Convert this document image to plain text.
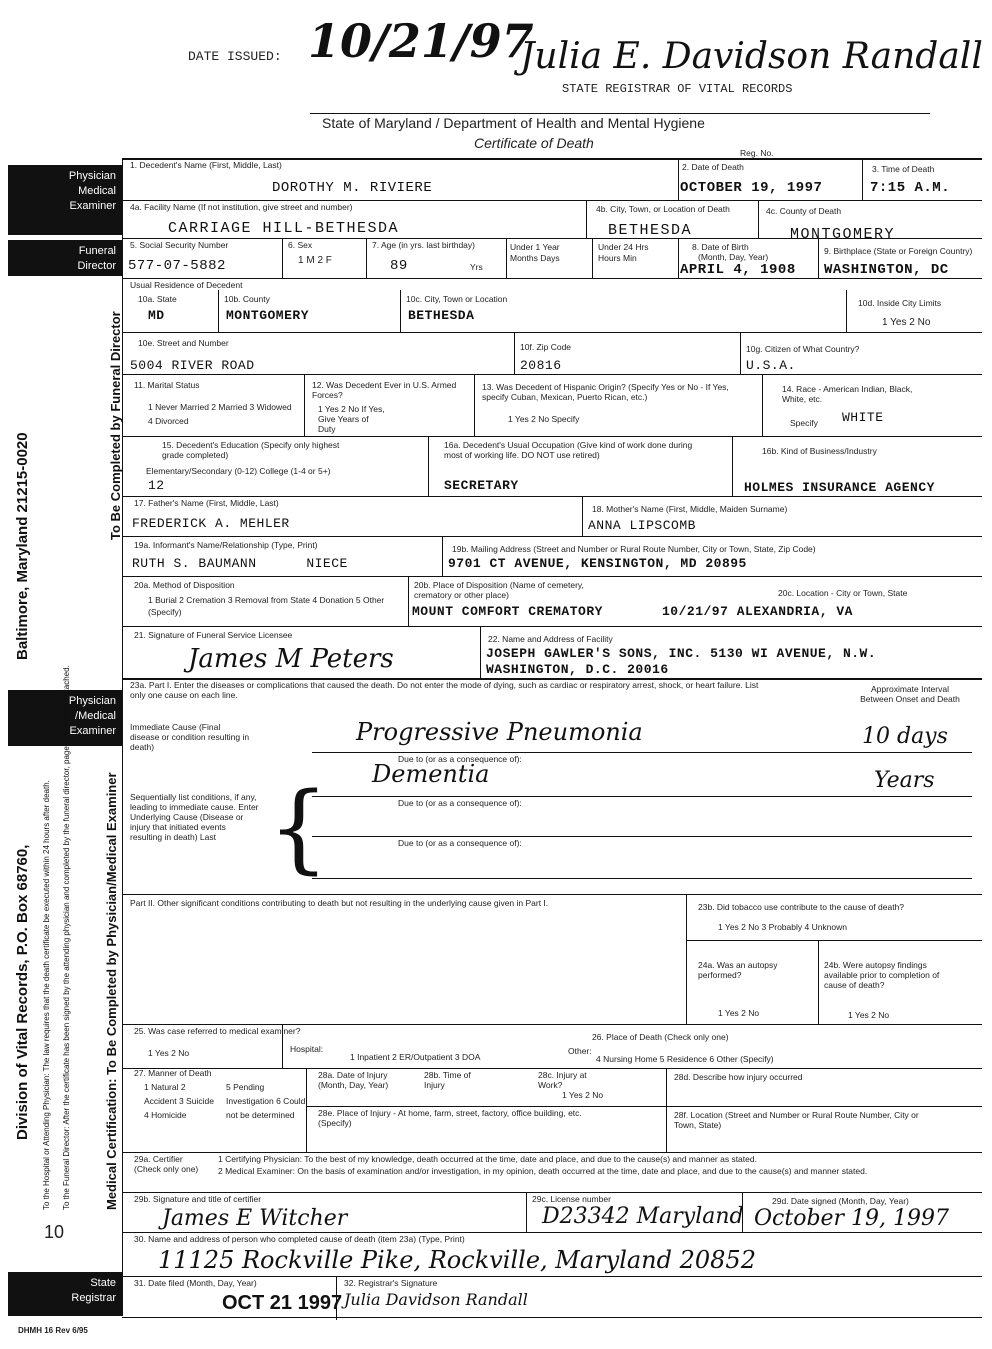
DATE ISSUED: 10/21/97
Julia E. Davidson Randall
STATE REGISTRAR OF VITAL RECORDS
State of Maryland / Department of Health and Mental Hygiene
Certificate of Death
Reg. No.
Physician Medical Examiner
Funeral Director
Physician /Medical Examiner
State Registrar
To Be Completed by Funeral Director
Medical Certification: To Be Completed by Physician/Medical Examiner
Division of Vital Records, P.O. Box 68760,
Baltimore, Maryland 21215-0020
To the Hospital or Attending Physician: The law requires that the death certificate be executed within 24 hours after death. To the Funeral Director: After the certificate has been signed by the attending physician and completed by the funeral director, page 2 should be detached.
10
DHMH 16 Rev 6/95
1. Decedent's Name (First, Middle, Last)
DOROTHY M. RIVIERE
2. Date of Death
OCTOBER 19, 1997
3. Time of Death
7:15 A.M.
4a. Facility Name (If not institution, give street and number)
CARRIAGE HILL-BETHESDA
4b. City, Town, or Location of Death
BETHESDA
4c. County of Death
MONTGOMERY
5. Social Security Number
577-07-5882
6. Sex
1 M 2 F
7. Age (in yrs. last birthday)
89	Yrs
Under 1 Year
Months Days
Under 24 Hrs
Hours Min
8. Date of Birth
(Month, Day, Year)
APRIL 4, 1908
9. Birthplace (State or Foreign Country)
WASHINGTON, DC
Usual Residence of Decedent
10a. State
MD
10b. County
MONTGOMERY
10c. City, Town or Location
BETHESDA
10d. Inside City Limits
1 Yes 2 No
10e. Street and Number
5004 RIVER ROAD
10f. Zip Code
20816
10g. Citizen of What Country?
U.S.A.
11. Marital Status
1 Never Married 2 Married 3 Widowed 4 Divorced
12. Was Decedent Ever in U.S. Armed Forces?
1 Yes 2 No If Yes, Give Years of Duty
13. Was Decedent of Hispanic Origin? (Specify Yes or No - If Yes, specify Cuban, Mexican, Puerto Rican, etc.)
1 Yes 2 No Specify
14. Race - American Indian, Black, White, etc.
Specify WHITE
15. Decedent's Education (Specify only highest grade completed)
Elementary/Secondary (0-12) College (1-4 or 5+)
12
16a. Decedent's Usual Occupation (Give kind of work done during most of working life. DO NOT use retired)
SECRETARY
16b. Kind of Business/Industry
HOLMES INSURANCE AGENCY
17. Father's Name (First, Middle, Last)
FREDERICK A. MEHLER
18. Mother's Name (First, Middle, Maiden Surname)
ANNA LIPSCOMB
19a. Informant's Name/Relationship (Type, Print)
RUTH S. BAUMANN      NIECE
19b. Mailing Address (Street and Number or Rural Route Number, City or Town, State, Zip Code)
9701 CT AVENUE, KENSINGTON, MD 20895
20a. Method of Disposition
1 Burial 2 Cremation 3 Removal from State 4 Donation 5 Other (Specify)
20b. Place of Disposition (Name of cemetery, crematory or other place)
MOUNT COMFORT CREMATORY
20c. Location - City or Town, State
10/21/97 ALEXANDRIA, VA
21. Signature of Funeral Service Licensee
James M Peters
22. Name and Address of Facility
JOSEPH GAWLER'S SONS, INC. 5130 WI AVENUE, N.W.
WASHINGTON, D.C. 20016
23a. Part I. Enter the diseases or complications that caused the death. Do not enter the mode of dying, such as cardiac or respiratory arrest, shock, or heart failure. List only one cause on each line.
Approximate Interval Between Onset and Death
Immediate Cause (Final disease or condition resulting in death)
Progressive Pneumonia	10 days
Due to (or as a consequence of):
Dementia	Years
Sequentially list conditions, if any, leading to immediate cause. Enter Underlying Cause (Disease or injury that initiated events resulting in death) Last {	Due to (or as a consequence of):
Due to (or as a consequence of):
Part II. Other significant conditions contributing to death but not resulting in the underlying cause given in Part I.	23b. Did tobacco use contribute to the cause of death?
1 Yes 2 No 3 Probably 4 Unknown
24a. Was an autopsy performed?
1 Yes 2 No
24b. Were autopsy findings available prior to completion of cause of death?
1 Yes 2 No
25. Was case referred to medical examiner?
1 Yes 2 No
26. Place of Death (Check only one)
Hospital:
1 Inpatient 2 ER/Outpatient 3 DOA
Other:
4 Nursing Home 5 Residence 6 Other (Specify)
27. Manner of Death
1 Natural 2 Accident 3 Suicide 4 Homicide
5 Pending Investigation 6 Could not be determined
28a. Date of Injury (Month, Day, Year)
28b. Time of Injury
28c. Injury at Work?
1 Yes 2 No
28d. Describe how injury occurred
28e. Place of Injury - At home, farm, street, factory, office building, etc. (Specify)
28f. Location (Street and Number or Rural Route Number, City or Town, State)
29a. Certifier (Check only one)
1 Certifying Physician: To the best of my knowledge, death occurred at the time, date and place, and due to the cause(s) and manner as stated.
2 Medical Examiner: On the basis of examination and/or investigation, in my opinion, death occurred at the time, date and place, and due to the cause(s) and manner stated.
29b. Signature and title of certifier
James E Witcher
29c. License number
D23342 Maryland
29d. Date signed (Month, Day, Year)
October 19, 1997
30. Name and address of person who completed cause of death (item 23a) (Type, Print)
11125 Rockville Pike, Rockville, Maryland 20852
31. Date filed (Month, Day, Year)
OCT 21 1997
32. Registrar's Signature
Julia Davidson Randall
